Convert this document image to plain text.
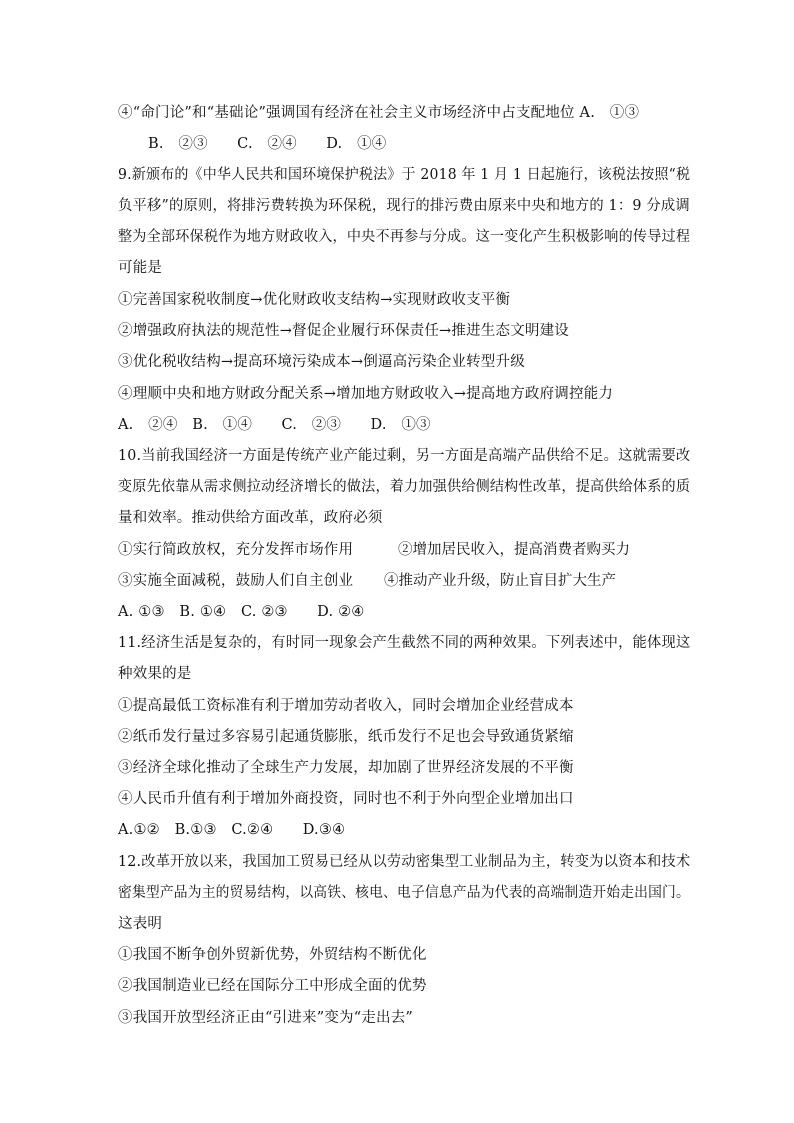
④“命门论”和“基础论”强调国有经济在社会主义市场经济中占支配地位 A.　①③
B.　②③　　C.　②④　　D.　①④
9.新颁布的《中华人民共和国环境保护税法》于 2018 年 1 月 1 日起施行，该税法按照“税
负平移”的原则，将排污费转换为环保税，现行的排污费由原来中央和地方的 1：9 分成调
整为全部环保税作为地方财政收入，中央不再参与分成。这一变化产生积极影响的传导过程
可能是
①完善国家税收制度→优化财政收支结构→实现财政收支平衡
②增强政府执法的规范性→督促企业履行环保责任→推进生态文明建设
③优化税收结构→提高环境污染成本→倒逼高污染企业转型升级
④理顺中央和地方财政分配关系→增加地方财政收入→提高地方政府调控能力
A.　②④　B.　①④　　C.　②③　　D.　①③
10.当前我国经济一方面是传统产业产能过剩，另一方面是高端产品供给不足。这就需要改
变原先依靠从需求侧拉动经济增长的做法，着力加强供给侧结构性改革，提高供给体系的质
量和效率。推动供给方面改革，政府必须
①实行简政放权，充分发挥市场作用	②增加居民收入，提高消费者购买力
③实施全面减税，鼓励人们自主创业 ④推动产业升级，防止盲目扩大生产
A. ①③　B. ①④　C. ②③　　D. ②④
11.经济生活是复杂的，有时同一现象会产生截然不同的两种效果。下列表述中，能体现这
种效果的是
①提高最低工资标准有利于增加劳动者收入，同时会增加企业经营成本
②纸币发行量过多容易引起通货膨胀，纸币发行不足也会导致通货紧缩
③经济全球化推动了全球生产力发展，却加剧了世界经济发展的不平衡
④人民币升值有利于增加外商投资，同时也不利于外向型企业增加出口
A.①②　B.①③　C.②④　　D.③④
12.改革开放以来，我国加工贸易已经从以劳动密集型工业制品为主，转变为以资本和技术
密集型产品为主的贸易结构，以高铁、核电、电子信息产品为代表的高端制造开始走出国门。
这表明
①我国不断争创外贸新优势，外贸结构不断优化
②我国制造业已经在国际分工中形成全面的优势
③我国开放型经济正由“引进来”变为“走出去”
